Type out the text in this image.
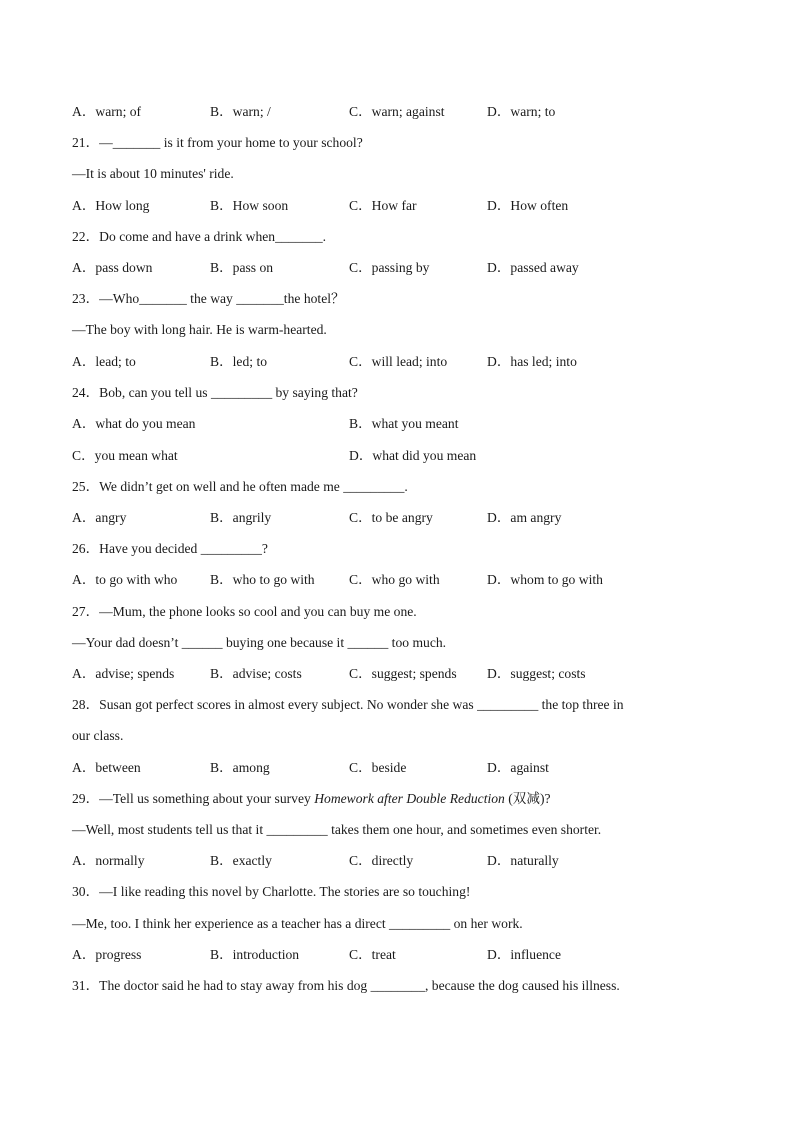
A．warn; of	B．warn; /	C．warn; against	D．warn; to
21．—_______ is it from your home to your school?
—It is about 10 minutes' ride.
A．How long	B．How soon	C．How far	D．How often
22．Do come and have a drink when_______.
A．pass down	B．pass on	C．passing by	D．passed away
23．—Who_______ the way _______the hotel？
—The boy with long hair. He is warm-hearted.
A．lead; to	B．led; to	C．will lead; into	D．has led; into
24．Bob, can you tell us _________ by saying that?
A．what do you mean	B．what you meant
C．you mean what	D．what did you mean
25．We didn’t get on well and he often made me _________.
A．angry	B．angrily	C．to be angry	D．am angry
26．Have you decided _________?
A．to go with who B．who to go with	C．who go with	D．whom to go with
27．—Mum, the phone looks so cool and you can buy me one.
—Your dad doesn’t ______ buying one because it ______ too much.
A．advise; spends	B．advise; costs	C．suggest; spends D．suggest; costs
28．Susan got perfect scores in almost every subject. No wonder she was _________ the top three in
our class.
A．between	B．among	C．beside	D．against
29．—Tell us something about your survey Homework after Double Reduction (双减)?
—Well, most students tell us that it _________ takes them one hour, and sometimes even shorter.
A．normally	B．exactly	C．directly	D．naturally
30．—I like reading this novel by Charlotte. The stories are so touching!
—Me, too. I think her experience as a teacher has a direct _________ on her work.
A．progress	B．introduction	C．treat	D．influence
31．The doctor said he had to stay away from his dog ________, because the dog caused his illness.
